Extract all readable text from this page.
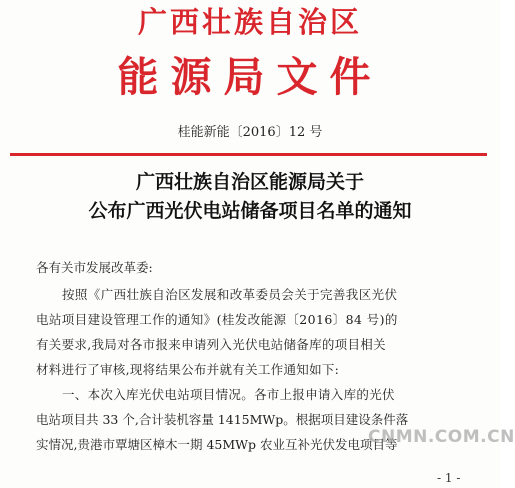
广西壮族自治区
能源局文件
桂能新能〔2016〕12 号
广西壮族自治区能源局关于
公布广西光伏电站储备项目名单的通知
各有关市发展改革委:
按照《广西壮族自治区发展和改革委员会关于完善我区光伏
电站项目建设管理工作的通知》(桂发改能源〔2016〕84 号)的
有关要求,我局对各市报来申请列入光伏电站储备库的项目相关
材料进行了审核,现将结果公布并就有关工作通知如下:
一、本次入库光伏电站项目情况。各市上报申请入库的光伏
电站项目共 33 个,合计装机容量 1415MWp。根据项目建设条件落
实情况,贵港市覃塘区樟木一期 45MWp 农业互补光伏发电项目等
CNMN.COM.CN
- 1 -
